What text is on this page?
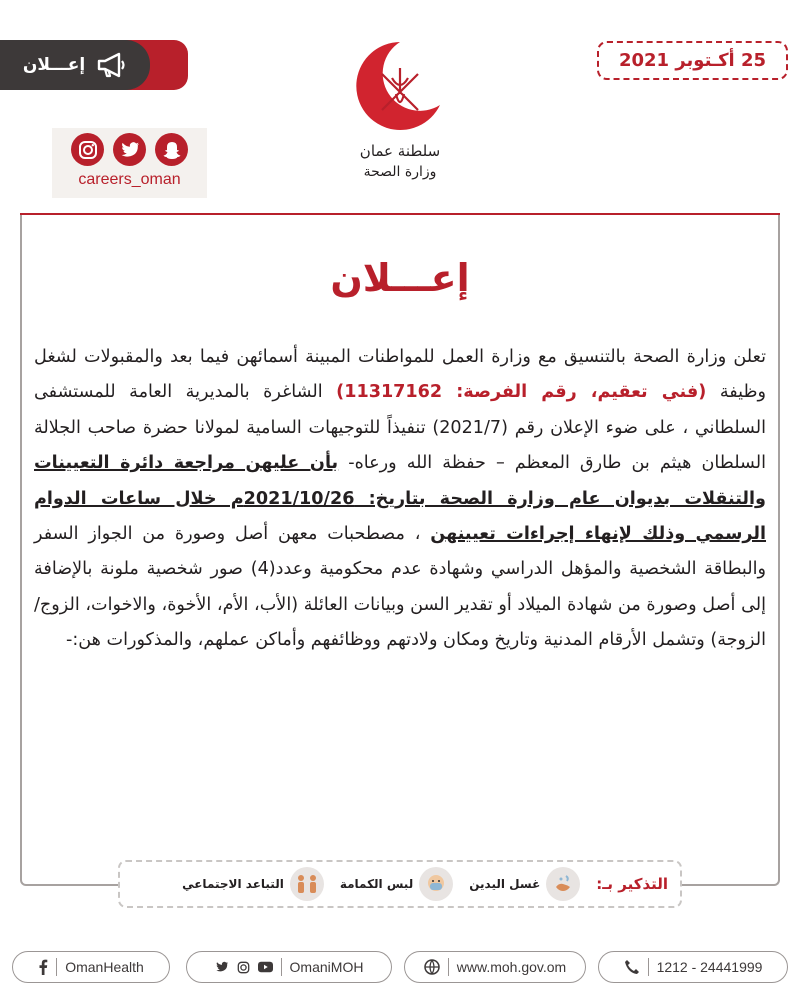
إعـــلان	25 أكـتوبر 2021
سلطنة عمان
وزارة الصحة
careers_oman
إعـــلان
تعلن وزارة الصحة بالتنسيق مع وزارة العمل للمواطنات المبينة أسمائهن فيما بعد والمقبولات لشغل وظيفة (فني تعقيم، رقم الفرصة: 11317162) الشاغرة بالمديرية العامة للمستشفى السلطاني ، على ضوء الإعلان رقم (2021/7) تنفيذاً للتوجيهات السامية لمولانا حضرة صاحب الجلالة السلطان هيثم بن طارق المعظم – حفظة الله ورعاه- بأن عليهن مراجعة دائرة التعيينات والتنقلات بديوان عام وزارة الصحة بتاريخ: 2021/10/26م خلال ساعات الدوام الرسمي وذلك لإنهاء إجراءات تعيينهن ، مصطحبات معهن أصل وصورة من الجواز السفر والبطاقة الشخصية والمؤهل الدراسي وشهادة عدم محكومية وعدد(4) صور شخصية ملونة بالإضافة إلى أصل وصورة من شهادة الميلاد أو تقدير السن وبيانات العائلة (الأب، الأم، الأخوة، والاخوات، الزوج/ الزوجة) وتشمل الأرقام المدنية وتاريخ ومكان ولادتهم ووظائفهم وأماكن عملهم، والمذكورات هن:-
التذكير بـ:
غسل اليدين
لبس الكمامة
التباعد الاجتماعي
1212 - 24441999
www.moh.gov.om
OmaniMOH
OmanHealth
